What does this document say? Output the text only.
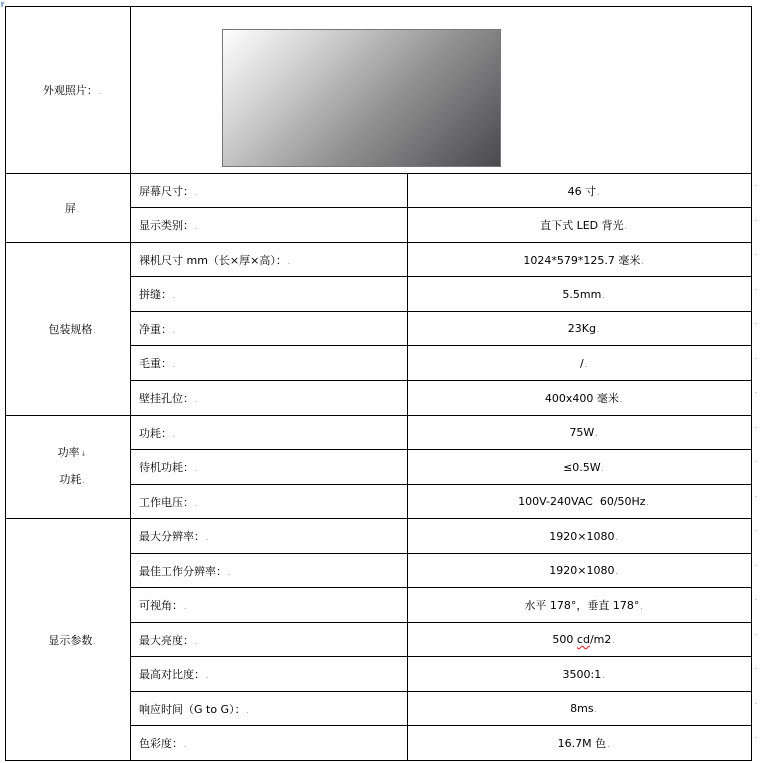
╔
外观照片：.		

屏.	屏幕尺寸：.	46 寸.
	显示类别：.	直下式 LED 背光.
包装规格.	裸机尺寸 mm（长×厚×高）：.	1024*579*125.7 毫米.
	拼缝：.	5.5mm.
	净重：.	23Kg.
	毛重：.	/.
	壁挂孔位：.	400x400 毫米.

功率↓
功耗.	功耗：.	75W.
	待机功耗：.	≤0.5W.
	工作电压：.	100V-240VAC  60/50Hz.
显示参数.	最大分辨率：.	1920×1080.
	最佳工作分辨率：.	1920×1080.
	可视角：.	水平 178°，垂直 178°.
	最大亮度：.	500 cd/m2.
	最高对比度：.	3500:1.
	响应时间（G to G）：.	8ms.
	色彩度：.	16.7M 色.
.
.
.
.
.
.
.
.
.
.
.
.
.
.
.
.
.
